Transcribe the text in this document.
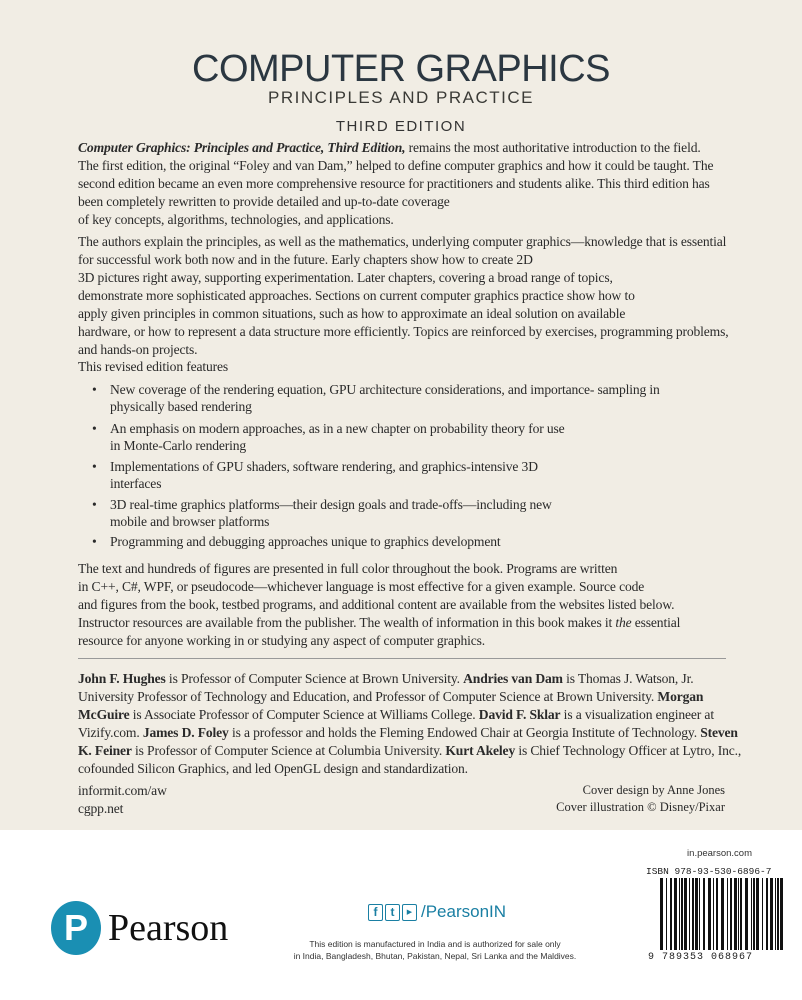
COMPUTER GRAPHICS
PRINCIPLES AND PRACTICE
THIRD EDITION
Computer Graphics: Principles and Practice, Third Edition, remains the most authoritative introduction to the field.
The first edition, the original “Foley and van Dam,” helped to define computer graphics and how it could be taught. The
second edition became an even more comprehensive resource for practitioners and students alike. This third edition has
been completely rewritten to provide detailed and up-to-date coverage
of key concepts, algorithms, technologies, and applications.
The authors explain the principles, as well as the mathematics, underlying computer graphics—knowledge that is essential
for successful work both now and in the future. Early chapters show how to create 2D
3D pictures right away, supporting experimentation. Later chapters, covering a broad range of topics,
demonstrate more sophisticated approaches. Sections on current computer graphics practice show how to
apply given principles in common situations, such as how to approximate an ideal solution on available
hardware, or how to represent a data structure more efficiently. Topics are reinforced by exercises, programming problems,
and hands-on projects.
This revised edition features
• New coverage of the rendering equation, GPU architecture considerations, and importance- sampling in
physically based rendering
• An emphasis on modern approaches, as in a new chapter on probability theory for use
in Monte-Carlo rendering
• Implementations of GPU shaders, software rendering, and graphics-intensive 3D
interfaces
• 3D real-time graphics platforms—their design goals and trade-offs—including new
mobile and browser platforms
• Programming and debugging approaches unique to graphics development
The text and hundreds of figures are presented in full color throughout the book. Programs are written
in C++, C#, WPF, or pseudocode—whichever language is most effective for a given example. Source code
and figures from the book, testbed programs, and additional content are available from the websites listed below.
Instructor resources are available from the publisher. The wealth of information in this book makes it the essential
resource for anyone working in or studying any aspect of computer graphics.
John F. Hughes is Professor of Computer Science at Brown University. Andries van Dam is Thomas J. Watson, Jr.
University Professor of Technology and Education, and Professor of Computer Science at Brown University. Morgan
McGuire is Associate Professor of Computer Science at Williams College. David F. Sklar is a visualization engineer at
Vizify.com. James D. Foley is a professor and holds the Fleming Endowed Chair at Georgia Institute of Technology. Steven
K. Feiner is Professor of Computer Science at Columbia University. Kurt Akeley is Chief Technology Officer at Lytro, Inc.,
cofounded Silicon Graphics, and led OpenGL design and standardization.
informit.com/aw
cgpp.net
Cover design by Anne Jones
Cover illustration © Disney/Pixar
P Pearson	f	t	▶ /PearsonIN
This edition is manufactured in India and is authorized for sale only
in India, Bangladesh, Bhutan, Pakistan, Nepal, Sri Lanka and the Maldives.
in.pearson.com
ISBN 978-93-530-6896-7
9 789353 068967
